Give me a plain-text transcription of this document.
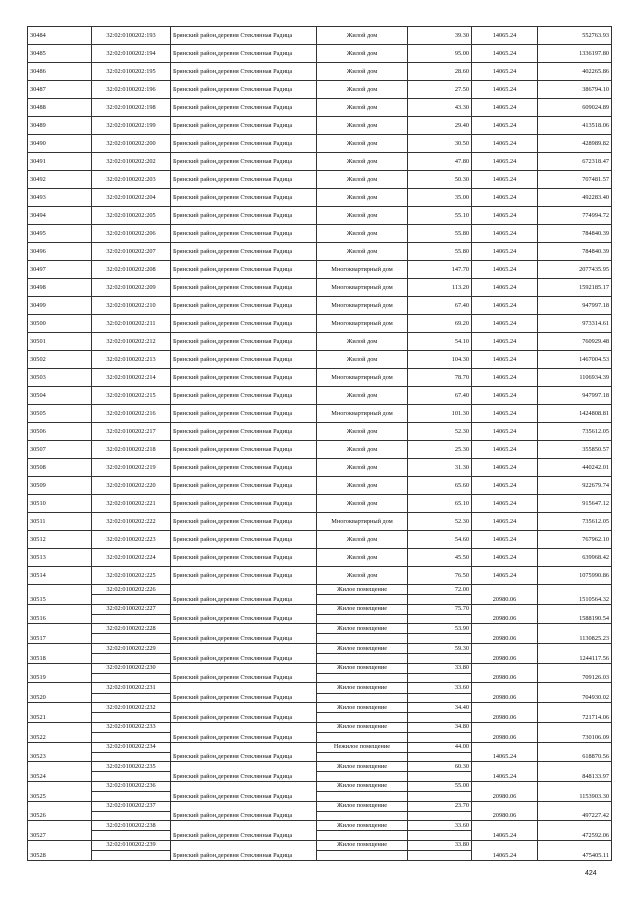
30484	32:02:0100202:193	Брянский район,деревня Стеклянная Радица	Жилой дом	39.30	14065.24	552763.93
30485	32:02:0100202:194	Брянский район,деревня Стеклянная Радица	Жилой дом	95.00	14065.24	1336197.80
30486	32:02:0100202:195	Брянский район,деревня Стеклянная Радица	Жилой дом	28.60	14065.24	402265.86
30487	32:02:0100202:196	Брянский район,деревня Стеклянная Радица	Жилой дом	27.50	14065.24	386794.10
30488	32:02:0100202:198	Брянский район,деревня Стеклянная Радица	Жилой дом	43.30	14065.24	609024.89
30489	32:02:0100202:199	Брянский район,деревня Стеклянная Радица	Жилой дом	29.40	14065.24	413518.06
30490	32:02:0100202:200	Брянский район,деревня Стеклянная Радица	Жилой дом	30.50	14065.24	428989.82
30491	32:02:0100202:202	Брянский район,деревня Стеклянная Радица	Жилой дом	47.80	14065.24	672318.47
30492	32:02:0100202:203	Брянский район,деревня Стеклянная Радица	Жилой дом	50.30	14065.24	707481.57
30493	32:02:0100202:204	Брянский район,деревня Стеклянная Радица	Жилой дом	35.00	14065.24	492283.40
30494	32:02:0100202:205	Брянский район,деревня Стеклянная Радица	Жилой дом	55.10	14065.24	774994.72
30495	32:02:0100202:206	Брянский район,деревня Стеклянная Радица	Жилой дом	55.80	14065.24	784840.39
30496	32:02:0100202:207	Брянский район,деревня Стеклянная Радица	Жилой дом	55.80	14065.24	784840.39
30497	32:02:0100202:208	Брянский район,деревня Стеклянная Радица	Многоквартирный дом	147.70	14065.24	2077435.95
30498	32:02:0100202:209	Брянский район,деревня Стеклянная Радица	Многоквартирный дом	113.20	14065.24	1592185.17
30499	32:02:0100202:210	Брянский район,деревня Стеклянная Радица	Многоквартирный дом	67.40	14065.24	947997.18
30500	32:02:0100202:211	Брянский район,деревня Стеклянная Радица	Многоквартирный дом	69.20	14065.24	973314.61
30501	32:02:0100202:212	Брянский район,деревня Стеклянная Радица	Жилой дом	54.10	14065.24	760929.48
30502	32:02:0100202:213	Брянский район,деревня Стеклянная Радица	Жилой дом	104.30	14065.24	1467004.53
30503	32:02:0100202:214	Брянский район,деревня Стеклянная Радица	Многоквартирный дом	78.70	14065.24	1106934.39
30504	32:02:0100202:215	Брянский район,деревня Стеклянная Радица	Жилой дом	67.40	14065.24	947997.18
30505	32:02:0100202:216	Брянский район,деревня Стеклянная Радица	Многоквартирный дом	101.30	14065.24	1424808.81
30506	32:02:0100202:217	Брянский район,деревня Стеклянная Радица	Жилой дом	52.30	14065.24	735612.05
30507	32:02:0100202:218	Брянский район,деревня Стеклянная Радица	Жилой дом	25.30	14065.24	355850.57
30508	32:02:0100202:219	Брянский район,деревня Стеклянная Радица	Жилой дом	31.30	14065.24	440242.01
30509	32:02:0100202:220	Брянский район,деревня Стеклянная Радица	Жилой дом	65.60	14065.24	922679.74
30510	32:02:0100202:221	Брянский район,деревня Стеклянная Радица	Жилой дом	65.10	14065.24	915647.12
30511	32:02:0100202:222	Брянский район,деревня Стеклянная Радица	Многоквартирный дом	52.30	14065.24	735612.05
30512	32:02:0100202:223	Брянский район,деревня Стеклянная Радица	Жилой дом	54.60	14065.24	767962.10
30513	32:02:0100202:224	Брянский район,деревня Стеклянная Радица	Жилой дом	45.50	14065.24	639968.42
30514	32:02:0100202:225	Брянский район,деревня Стеклянная Радица	Жилой дом	76.50	14065.24	1075990.86
30515	32:02:0100202:226	Брянский район,деревня Стеклянная Радица	Жилое помещение	72.00	20980.06	1510564.32

30516	32:02:0100202:227	Брянский район,деревня Стеклянная Радица	Жилое помещение	75.70	20980.06	1588190.54

30517	32:02:0100202:228	Брянский район,деревня Стеклянная Радица	Жилое помещение	53.90	20980.06	1130825.23

30518	32:02:0100202:229	Брянский район,деревня Стеклянная Радица	Жилое помещение	59.30	20980.06	1244117.56

30519	32:02:0100202:230	Брянский район,деревня Стеклянная Радица	Жилое помещение	33.80	20980.06	709126.03

30520	32:02:0100202:231	Брянский район,деревня Стеклянная Радица	Жилое помещение	33.60	20980.06	704930.02

30521	32:02:0100202:232	Брянский район,деревня Стеклянная Радица	Жилое помещение	34.40	20980.06	721714.06

30522	32:02:0100202:233	Брянский район,деревня Стеклянная Радица	Жилое помещение	34.80	20980.06	730106.09

30523	32:02:0100202:234	Брянский район,деревня Стеклянная Радица	Нежилое помещение	44.00	14065.24	618870.56

30524	32:02:0100202:235	Брянский район,деревня Стеклянная Радица	Жилое помещение	60.30	14065.24	848133.97

30525	32:02:0100202:236	Брянский район,деревня Стеклянная Радица	Жилое помещение	55.00	20980.06	1153903.30

30526	32:02:0100202:237	Брянский район,деревня Стеклянная Радица	Жилое помещение	23.70	20980.06	497227.42

30527	32:02:0100202:238	Брянский район,деревня Стеклянная Радица	Жилое помещение	33.60	14065.24	472592.06

30528	32:02:0100202:239	Брянский район,деревня Стеклянная Радица	Жилое помещение	33.80	14065.24	475405.11

424
